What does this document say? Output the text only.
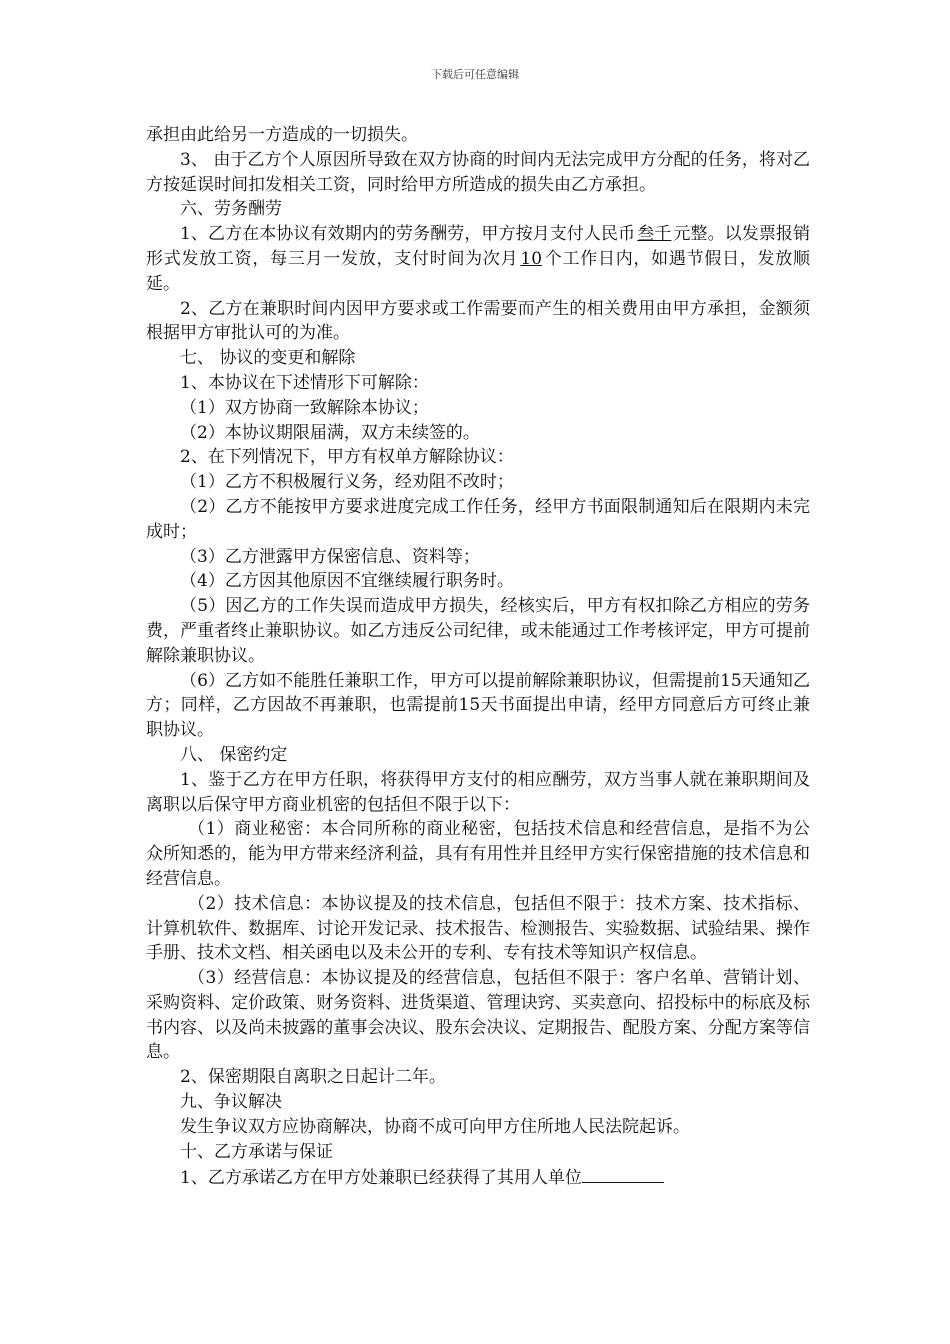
下载后可任意编辑

承担由此给另一方造成的一切损失。

3、 由于乙方个人原因所导致在双方协商的时间内无法完成甲方分配的任务，将对乙方按延误时间扣发相关工资，同时给甲方所造成的损失由乙方承担。

六、劳务酬劳

1、乙方在本协议有效期内的劳务酬劳，甲方按月支付人民币 叁千 元整。以发票报销形式发放工资，每三月一发放，支付时间为次月 10 个工作日内，如遇节假日，发放顺延。

2、乙方在兼职时间内因甲方要求或工作需要而产生的相关费用由甲方承担，金额须根据甲方审批认可的为准。

七、 协议的变更和解除

1、本协议在下述情形下可解除：

（1）双方协商一致解除本协议；

（2）本协议期限届满，双方未续签的。

2、在下列情况下，甲方有权单方解除协议：

（1）乙方不积极履行义务，经劝阻不改时；

（2）乙方不能按甲方要求进度完成工作任务，经甲方书面限制通知后在限期内未完成时；

（3）乙方泄露甲方保密信息、资料等；

（4）乙方因其他原因不宜继续履行职务时。

（5）因乙方的工作失误而造成甲方损失，经核实后，甲方有权扣除乙方相应的劳务费，严重者终止兼职协议。如乙方违反公司纪律，或未能通过工作考核评定，甲方可提前解除兼职协议。

（6）乙方如不能胜任兼职工作，甲方可以提前解除兼职协议，但需提前15天通知乙方；同样，乙方因故不再兼职，也需提前15天书面提出申请，经甲方同意后方可终止兼职协议。

八、 保密约定

1、鉴于乙方在甲方任职，将获得甲方支付的相应酬劳，双方当事人就在兼职期间及离职以后保守甲方商业机密的包括但不限于以下：

（1）商业秘密：本合同所称的商业秘密，包括技术信息和经营信息，是指不为公众所知悉的，能为甲方带来经济利益，具有有用性并且经甲方实行保密措施的技术信息和经营信息。

（2）技术信息：本协议提及的技术信息，包括但不限于：技术方案、技术指标、计算机软件、数据库、讨论开发记录、技术报告、检测报告、实验数据、试验结果、操作手册、技术文档、相关函电以及未公开的专利、专有技术等知识产权信息。

（3）经营信息：本协议提及的经营信息，包括但不限于：客户名单、营销计划、采购资料、定价政策、财务资料、进货渠道、管理诀窍、买卖意向、招投标中的标底及标书内容、以及尚未披露的董事会决议、股东会决议、定期报告、配股方案、分配方案等信息。

2、保密期限自离职之日起计二年。

九、争议解决

发生争议双方应协商解决，协商不成可向甲方住所地人民法院起诉。

十、乙方承诺与保证

1、乙方承诺乙方在甲方处兼职已经获得了其用人单位
